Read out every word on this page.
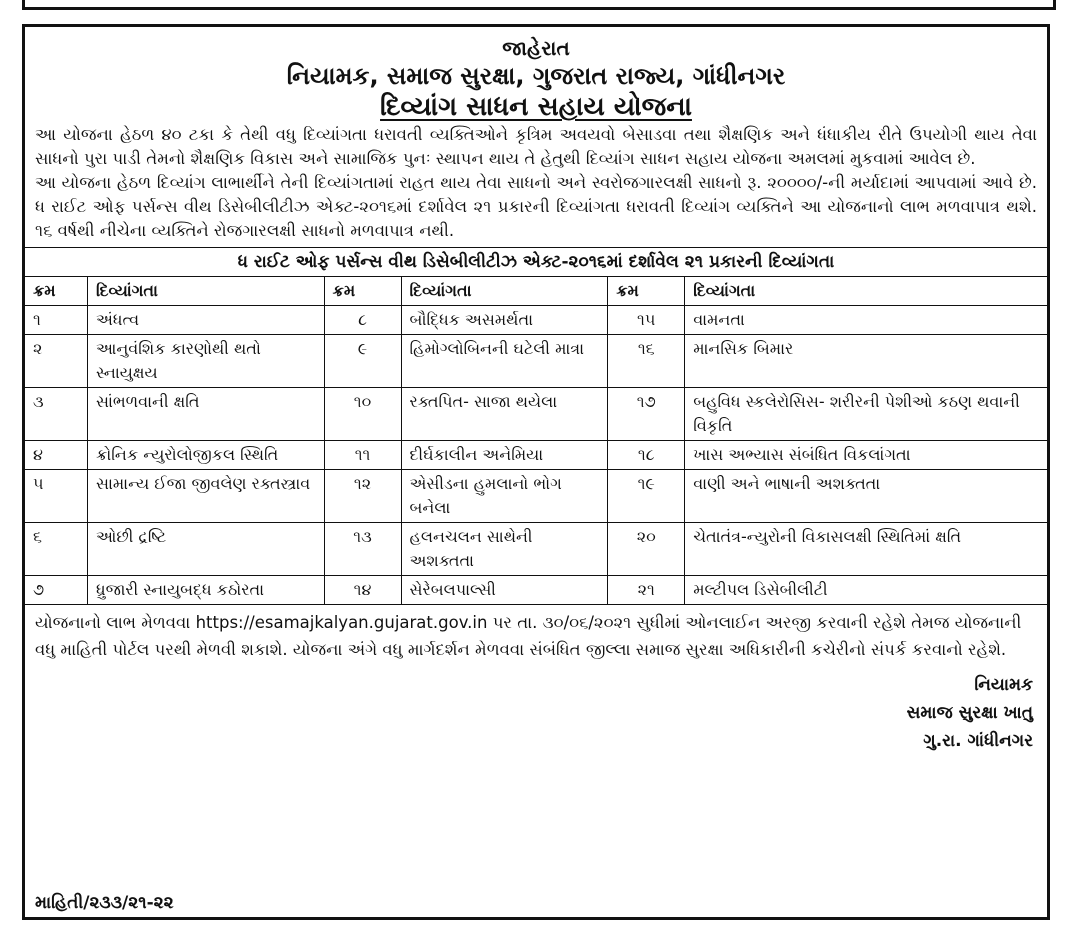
જાહેરાત
નિયામક, સમાજ સુરક્ષા, ગુજરાત રાજ્ય, ગાંધીનગર
દિવ્યાંગ સાધન સહાય યોજના

આ યોજના હેઠળ ૪૦ ટકા કે તેથી વધુ દિવ્યાંગતા ધરાવતી વ્યક્તિઓને કૃત્રિમ અવયવો બેસાડવા તથા શૈક્ષણિક અને ધંધાકીય રીતે ઉપયોગી થાય તેવા સાધનો પુરા પાડી તેમનો શૈક્ષણિક વિકાસ અને સામાજિક પુનઃ સ્થાપન થાય તે હેતુથી દિવ્યાંગ સાધન સહાય યોજના અમલમાં મુકવામાં આવેલ છે.

આ યોજના હેઠળ દિવ્યાંગ લાભાર્થીને તેની દિવ્યાંગતામાં રાહત થાય તેવા સાધનો અને સ્વરોજગારલક્ષી સાધનો રૂ. ૨૦૦૦૦/-ની મર્યાદામાં આપવામાં આવે છે. ધ રાઈટ ઓફ પર્સન્સ વીથ ડિસેબીલીટીઝ એક્ટ-૨૦૧૬માં દર્શાવેલ ૨૧ પ્રકારની દિવ્યાંગતા ધરાવતી દિવ્યાંગ વ્યક્તિને આ યોજનાનો લાભ મળવાપાત્ર થશે. ૧૬ વર્ષથી નીચેના વ્યક્તિને રોજગારલક્ષી સાધનો મળવાપાત્ર નથી.

ધ રાઈટ ઓફ પર્સન્સ વીથ ડિસેબીલીટીઝ એક્ટ-૨૦૧૬માં દર્શાવેલ ૨૧ પ્રકારની દિવ્યાંગતા					
ક્રમ	દિવ્યાંગતા	ક્રમ	દિવ્યાંગતા	ક્રમ	દિવ્યાંગતા
૧	અંધત્વ	૮	બૌદ્ધિક અસમર્થતા	૧૫	વામનતા
૨	આનુવંશિક કારણોથી થતો સ્નાયુક્ષય	૯	હિમોગ્લોબિનની ઘટેલી માત્રા	૧૬	માનસિક બિમાર
૩	સાંભળવાની ક્ષતિ	૧૦	રક્તપિત- સાજા થયેલા	૧૭	બહુવિધ સ્કલેરોસિસ- શરીરની પેશીઓ કઠણ થવાની વિકૃતિ
૪	ક્રોનિક ન્યુરોલોજીકલ સ્થિતિ	૧૧	દીર્ઘકાલીન અનેમિયા	૧૮	ખાસ અભ્યાસ સંબંધિત વિકલાંગતા
૫	સામાન્ય ઈજા જીવલેણ રક્તસ્ત્રાવ	૧૨	એસીડના હુમલાનો ભોગ બનેલા	૧૯	વાણી અને ભાષાની અશક્તતા
૬	ઓછી દ્રષ્ટિ	૧૩	હલનચલન સાથેની અશક્તતા	૨૦	ચેતાતંત્ર-ન્યુરોની વિકાસલક્ષી સ્થિતિમાં ક્ષતિ
૭	ધ્રુજારી સ્નાયુબદ્ધ કઠોરતા	૧૪	સેરેબલપાલ્સી	૨૧	મલ્ટીપલ ડિસેબીલીટી

યોજનાનો લાભ મેળવવા https://esamajkalyan.gujarat.gov.in પર તા. ૩૦/૦૬/૨૦૨૧ સુધીમાં ઓનલાઈન અરજી કરવાની રહેશે તેમજ યોજનાની વધુ માહિતી પોર્ટલ પરથી મેળવી શકાશે. યોજના અંગે વધુ માર્ગદર્શન મેળવવા સંબંધિત જીલ્લા સમાજ સુરક્ષા અધિકારીની કચેરીનો સંપર્ક કરવાનો રહેશે.

નિયામક
સમાજ સુરક્ષા ખાતુ
ગુ.રા. ગાંધીનગર
માહિતી/૨૩૩/૨૧-૨૨
